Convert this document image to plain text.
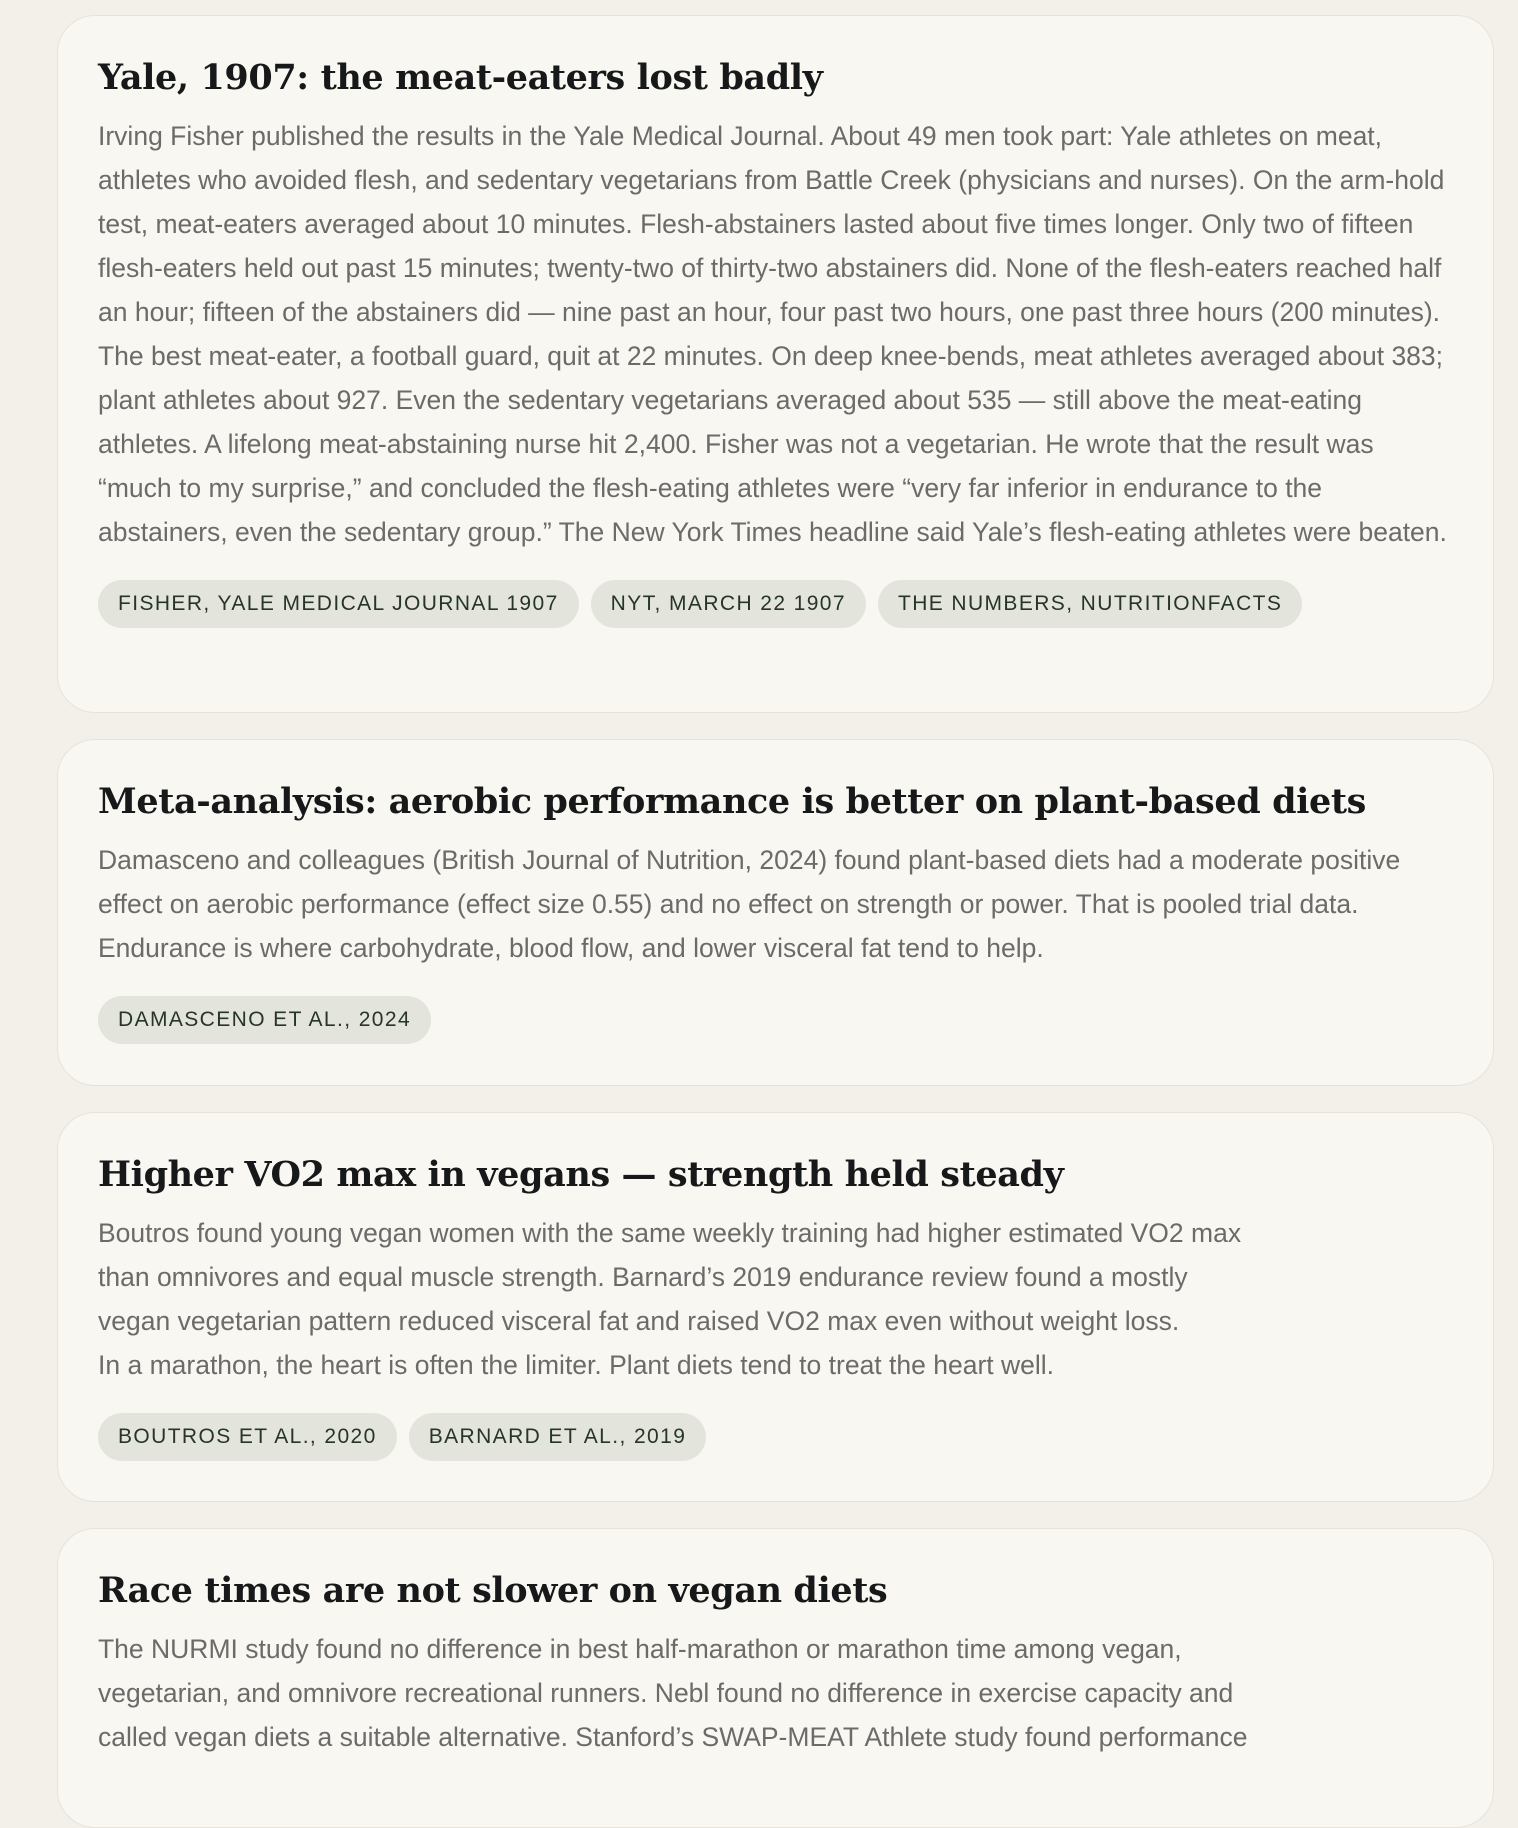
Yale, 1907: the meat-eaters lost badly

Irving Fisher published the results in the Yale Medical Journal. About 49 men took part: Yale athletes on meat, athletes who avoided flesh, and sedentary vegetarians from Battle Creek (physicians and nurses). On the arm-hold test, meat-eaters averaged about 10 minutes. Flesh-abstainers lasted about five times longer. Only two of fifteen flesh-eaters held out past 15 minutes; twenty-two of thirty-two abstainers did. None of the flesh-eaters reached half an hour; fifteen of the abstainers did — nine past an hour, four past two hours, one past three hours (200 minutes). The best meat-eater, a football guard, quit at 22 minutes. On deep knee-bends, meat athletes averaged about 383; plant athletes about 927. Even the sedentary vegetarians averaged about 535 — still above the meat-eating athletes. A lifelong meat-abstaining nurse hit 2,400. Fisher was not a vegetarian. He wrote that the result was “much to my surprise,” and concluded the flesh-eating athletes were “very far inferior in endurance to the abstainers, even the sedentary group.” The New York Times headline said Yale’s flesh-eating athletes were beaten.

FISHER, YALE MEDICAL JOURNAL 1907	NYT, MARCH 22 1907	THE NUMBERS, NUTRITIONFACTS
Meta-analysis: aerobic performance is better on plant-based diets

Damasceno and colleagues (British Journal of Nutrition, 2024) found plant-based diets had a moderate positive effect on aerobic performance (effect size 0.55) and no effect on strength or power. That is pooled trial data. Endurance is where carbohydrate, blood flow, and lower visceral fat tend to help.

DAMASCENO ET AL., 2024
Higher VO2 max in vegans — strength held steady

Boutros found young vegan women with the same weekly training had higher estimated VO2 max
than omnivores and equal muscle strength. Barnard’s 2019 endurance review found a mostly
vegan vegetarian pattern reduced visceral fat and raised VO2 max even without weight loss.
In a marathon, the heart is often the limiter. Plant diets tend to treat the heart well.

BOUTROS ET AL., 2020	BARNARD ET AL., 2019
Race times are not slower on vegan diets

The NURMI study found no difference in best half-marathon or marathon time among vegan,
vegetarian, and omnivore recreational runners. Nebl found no difference in exercise capacity and
called vegan diets a suitable alternative. Stanford’s SWAP-MEAT Athlete study found performance
